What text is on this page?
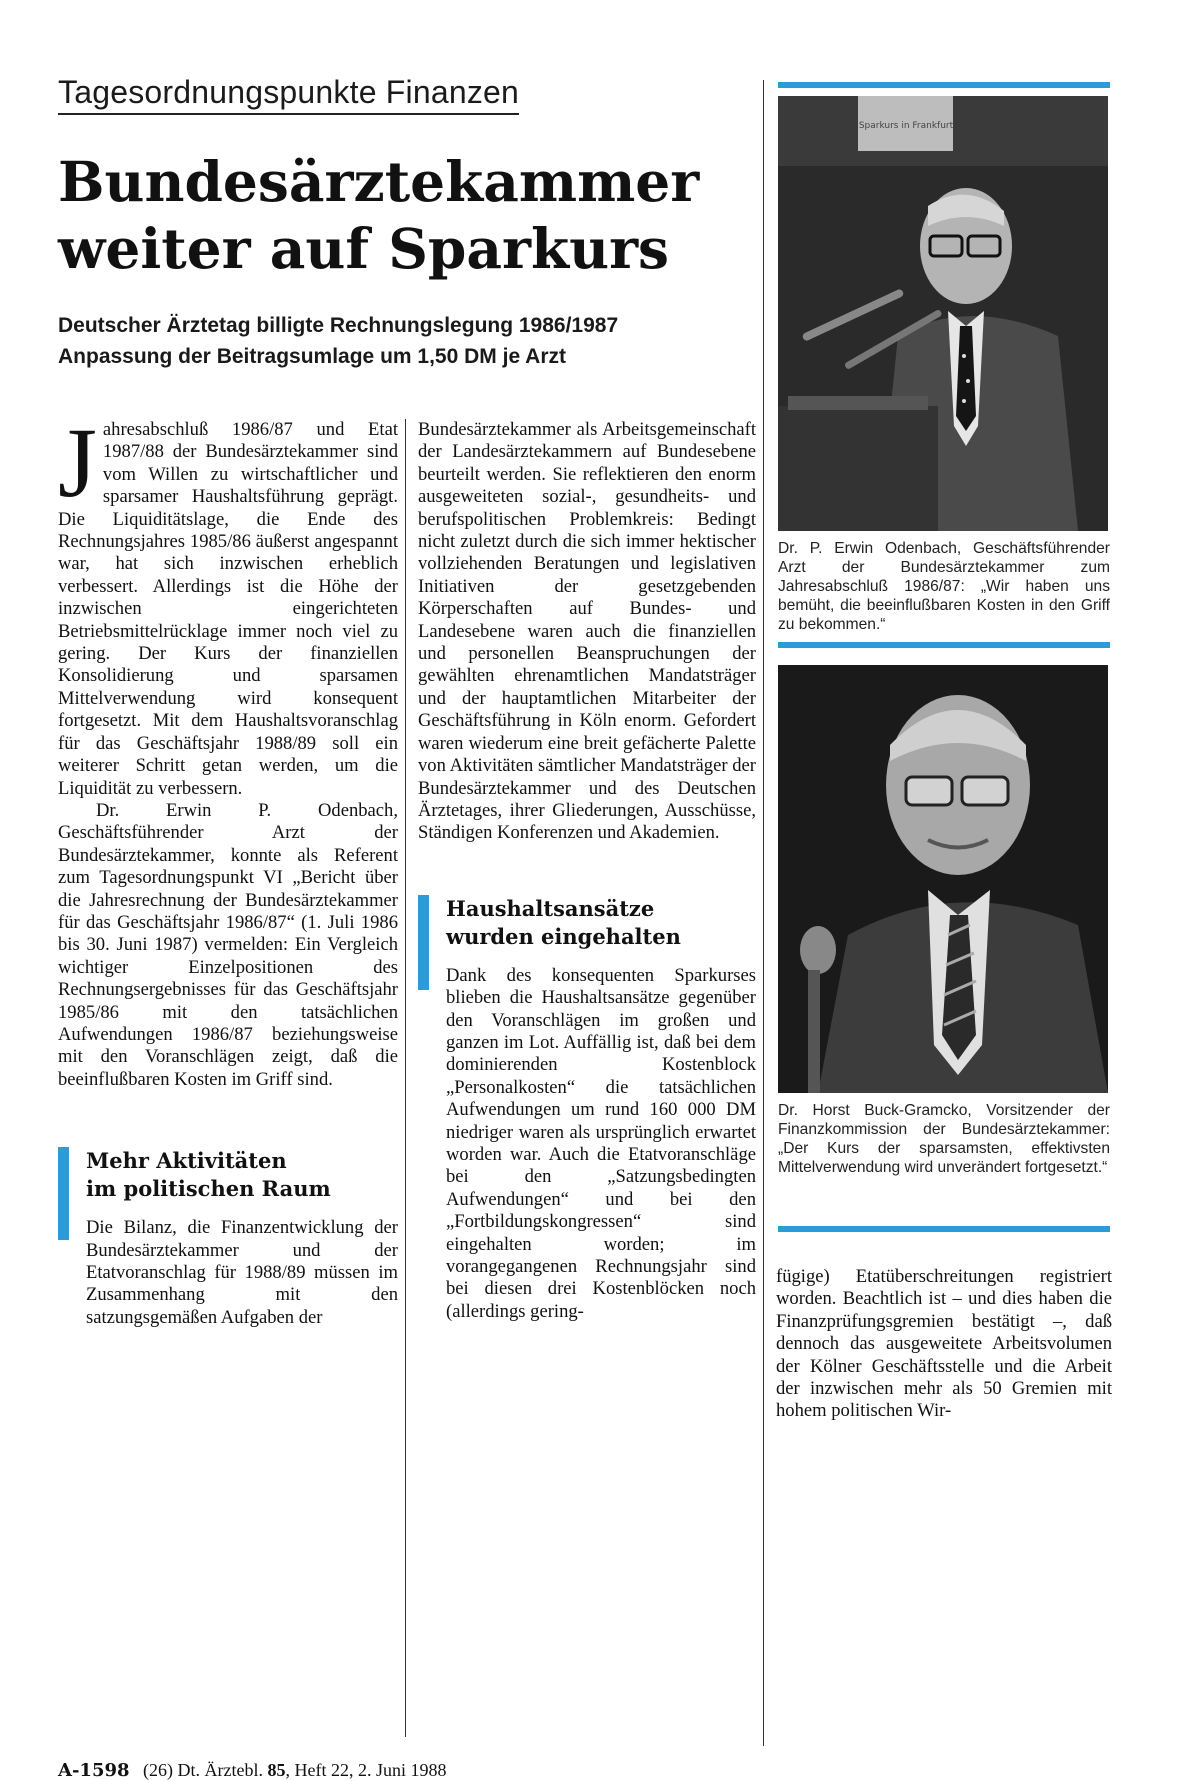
Tagesordnungspunkte Finanzen
Bundesärztekammer
weiter auf Sparkurs
Deutscher Ärztetag billigte Rechnungslegung 1986/1987
Anpassung der Beitragsumlage um 1,50 DM je Arzt

Jahresabschluß 1986/87 und Etat 1987/88 der Bundesärztekammer sind vom Willen zu wirtschaftlicher und sparsamer Haushaltsführung geprägt. Die Liquiditätslage, die Ende des Rechnungsjahres 1985/86 äußerst angespannt war, hat sich inzwischen erheblich verbessert. Allerdings ist die Höhe der inzwischen eingerichteten Betriebsmittelrücklage immer noch viel zu gering. Der Kurs der finanziellen Konsolidierung und sparsamen Mittelverwendung wird konsequent fortgesetzt. Mit dem Haushaltsvoranschlag für das Geschäftsjahr 1988/89 soll ein weiterer Schritt getan werden, um die Liquidität zu verbessern.

Dr. Erwin P. Odenbach, Geschäftsführender Arzt der Bundesärztekammer, konnte als Referent zum Tagesordnungspunkt VI „Bericht über die Jahresrechnung der Bundesärztekammer für das Geschäftsjahr 1986/87“ (1. Juli 1986 bis 30. Juni 1987) vermelden: Ein Vergleich wichtiger Einzelpositionen des Rechnungsergebnisses für das Geschäftsjahr 1985/86 mit den tatsächlichen Aufwendungen 1986/87 beziehungsweise mit den Voranschlägen zeigt, daß die beeinflußbaren Kosten im Griff sind.

Mehr Aktivitäten
im politischen Raum

Die Bilanz, die Finanzentwicklung der Bundesärztekammer und der Etatvoranschlag für 1988/89 müssen im Zusammenhang mit den satzungsgemäßen Aufgaben der

Bundesärztekammer als Arbeitsgemeinschaft der Landesärztekammern auf Bundesebene beurteilt werden. Sie reflektieren den enorm ausgeweiteten sozial-, gesundheits- und berufspolitischen Problemkreis: Bedingt nicht zuletzt durch die sich immer hektischer vollziehenden Beratungen und legislativen Initiativen der gesetzgebenden Körperschaften auf Bundes- und Landesebene waren auch die finanziellen und personellen Beanspruchungen der gewählten ehrenamtlichen Mandatsträger und der hauptamtlichen Mitarbeiter der Geschäftsführung in Köln enorm. Gefordert waren wiederum eine breit gefächerte Palette von Aktivitäten sämtlicher Mandatsträger der Bundesärztekammer und des Deutschen Ärztetages, ihrer Gliederungen, Ausschüsse, Ständigen Konferenzen und Akademien.

Haushaltsansätze
wurden eingehalten

Dank des konsequenten Sparkurses blieben die Haushaltsansätze gegenüber den Voranschlägen im großen und ganzen im Lot. Auffällig ist, daß bei dem dominierenden Kostenblock „Personalkosten“ die tatsächlichen Aufwendungen um rund 160 000 DM niedriger waren als ursprünglich erwartet worden war. Auch die Etatvoranschläge bei den „Satzungsbedingten Aufwendungen“ und bei den „Fortbildungskongressen“ sind eingehalten worden; im vorangegangenen Rechnungsjahr sind bei diesen drei Kostenblöcken noch (allerdings gering-

Sparkurs in Frankfurt
Dr. P. Erwin Odenbach, Geschäftsführender Arzt der Bundesärztekammer zum Jahresabschluß 1986/87: „Wir haben uns bemüht, die beeinflußbaren Kosten in den Griff zu bekommen.“
Dr. Horst Buck-Gramcko, Vorsitzender der Finanzkommission der Bundesärztekammer: „Der Kurs der sparsamsten, effektivsten Mittelverwendung wird unverändert fortgesetzt.“

fügige) Etatüberschreitungen registriert worden. Beachtlich ist – und dies haben die Finanzprüfungsgremien bestätigt –, daß dennoch das ausgeweitete Arbeitsvolumen der Kölner Geschäftsstelle und die Arbeit der inzwischen mehr als 50 Gremien mit hohem politischen Wir-

A-1598 (26) Dt. Ärztebl. 85, Heft 22, 2. Juni 1988
